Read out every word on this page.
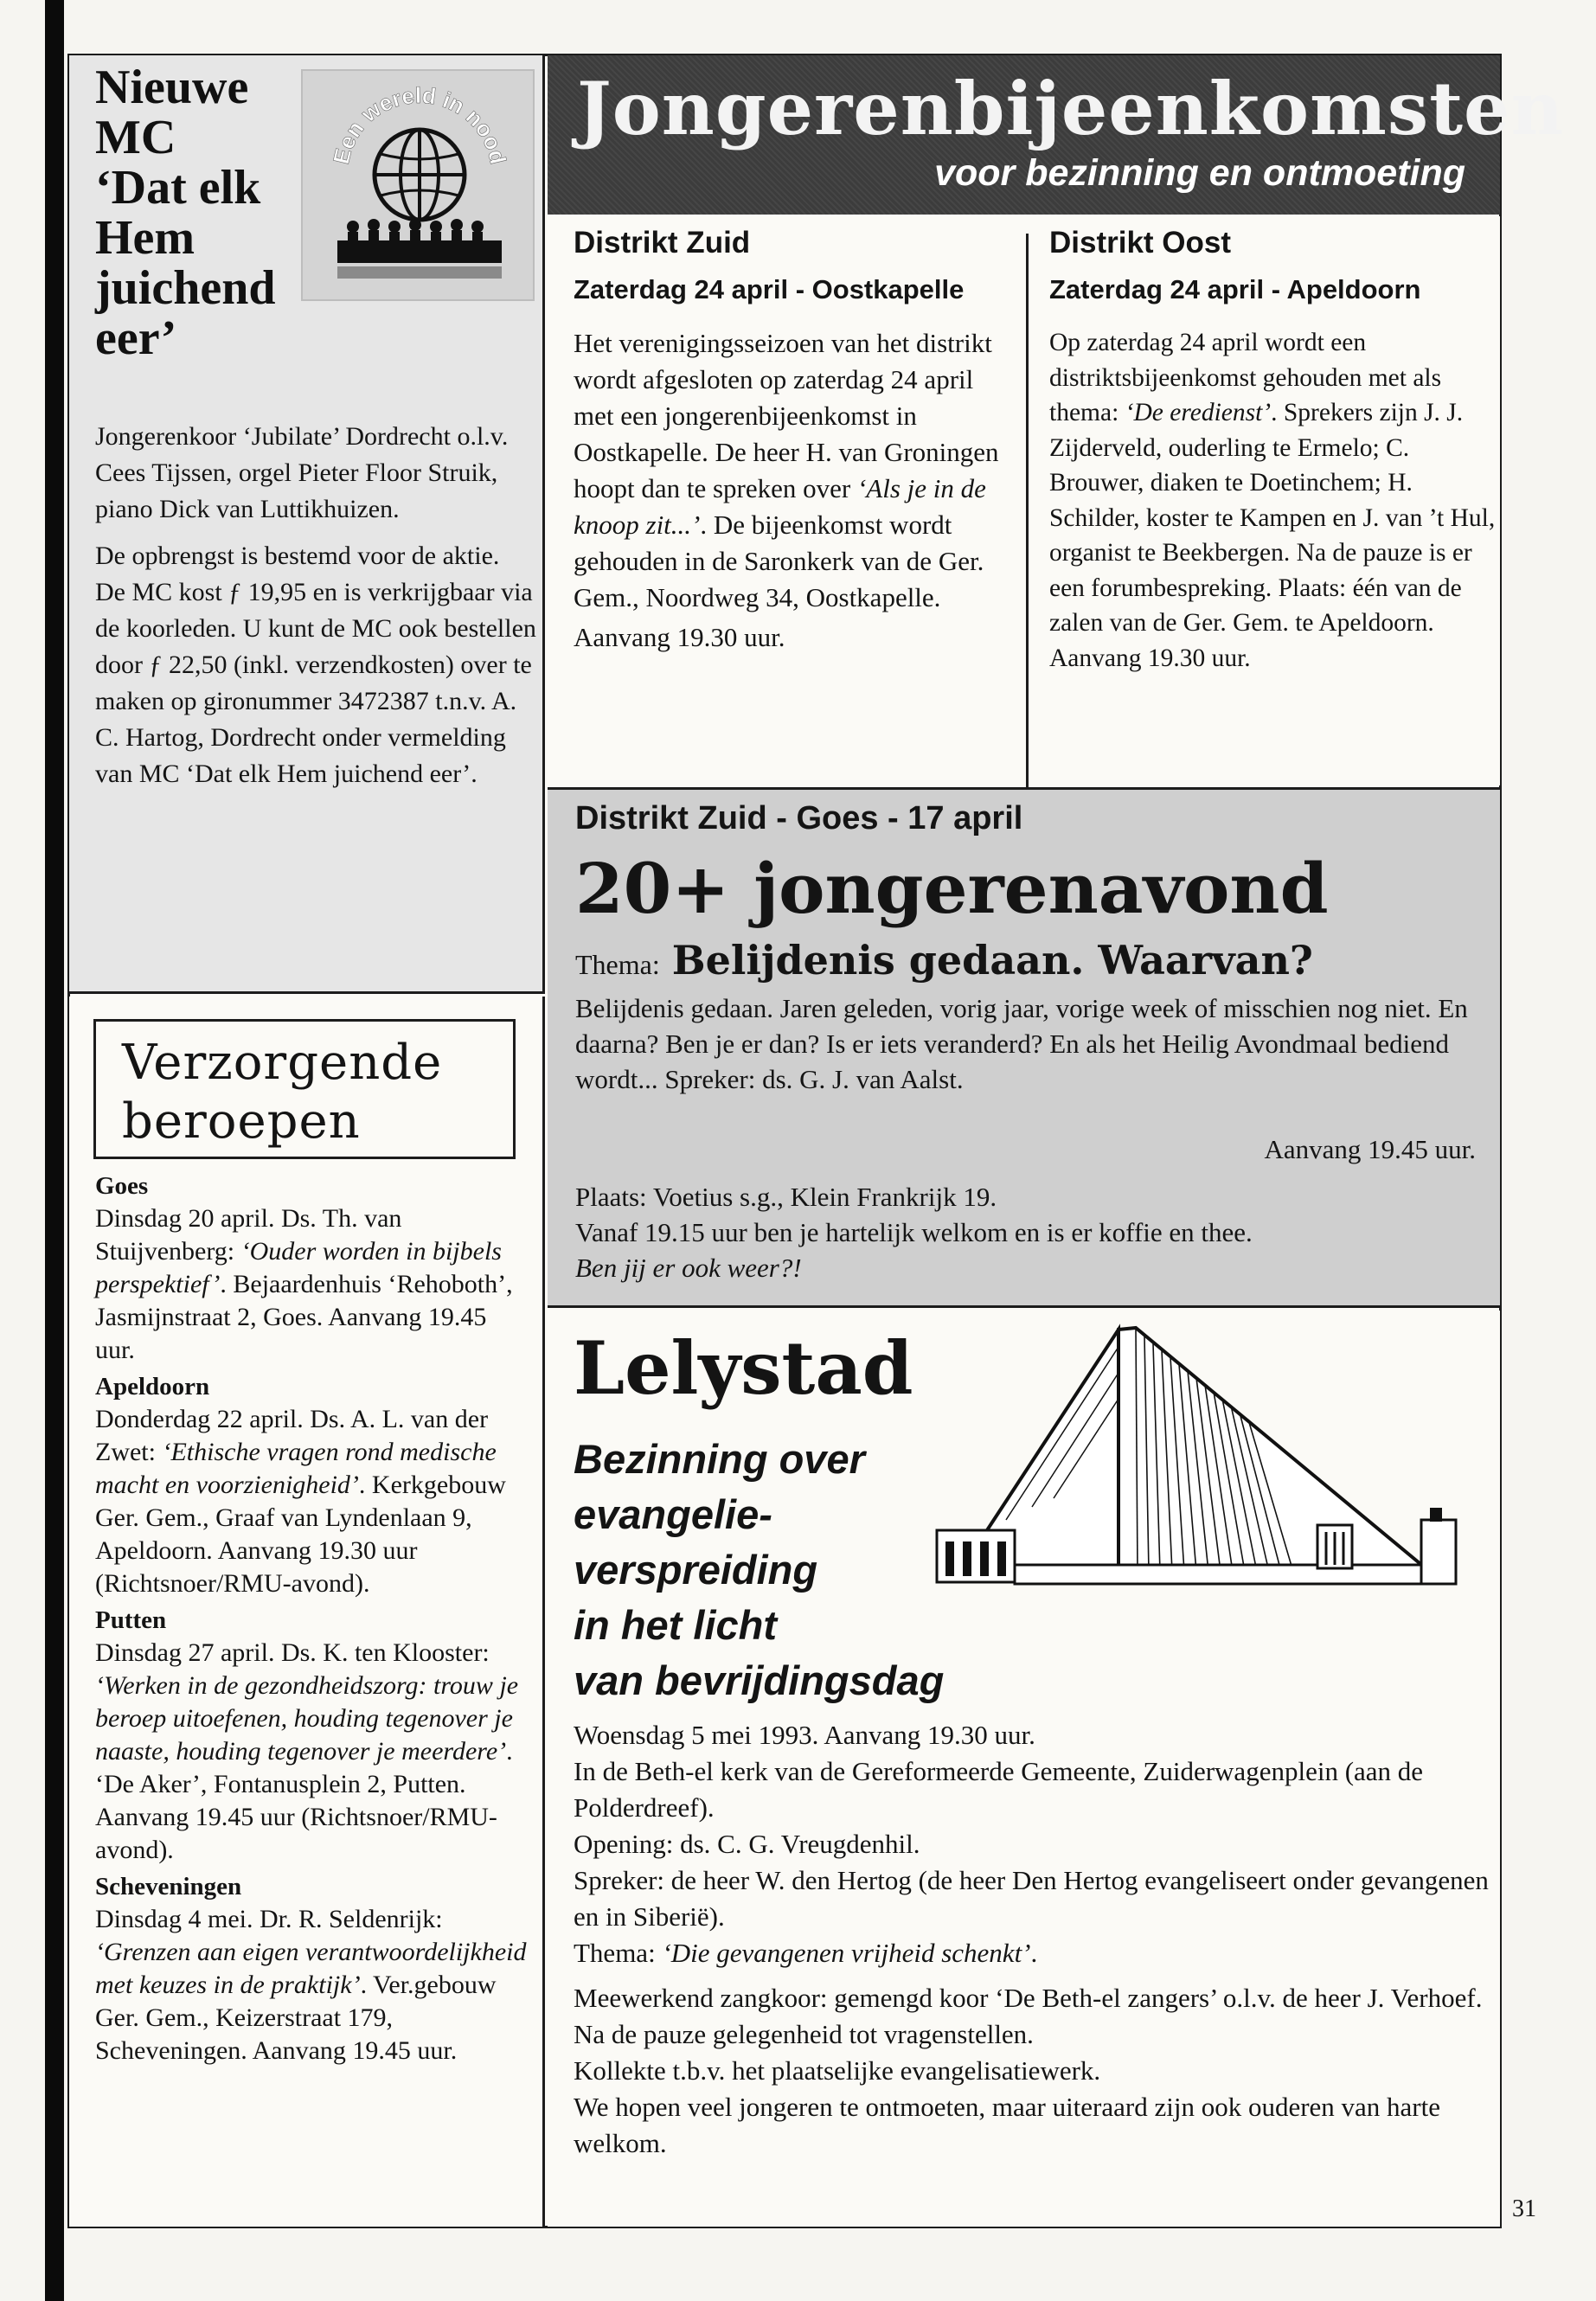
Nieuwe
MC
‘Dat elk
Hem
juichend
eer’
Een wereld in nood

Jongerenkoor ‘Jubilate’ Dordrecht o.l.v. Cees Tijssen, orgel Pieter Floor Struik, piano Dick van Luttikhuizen.

De opbrengst is bestemd voor de aktie.

De MC kost ƒ 19,95 en is verkrijgbaar via de koorleden. U kunt de MC ook bestellen door ƒ 22,50 (inkl. verzendkosten) over te maken op gironummer 3472387 t.n.v. A. C. Hartog, Dordrecht onder vermelding van MC ‘Dat elk Hem juichend eer’.

Verzorgende
beroepen
Goes
Dinsdag 20 april. Ds. Th. van Stuijvenberg: ‘Ouder worden in bijbels perspektief’. Bejaardenhuis ‘Rehoboth’, Jasmijnstraat 2, Goes. Aanvang 19.45 uur.
Apeldoorn
Donderdag 22 april. Ds. A. L. van der Zwet: ‘Ethische vragen rond medische macht en voorzienigheid’. Kerkgebouw Ger. Gem., Graaf van Lyndenlaan 9, Apeldoorn. Aanvang 19.30 uur (Richtsnoer/RMU-avond).
Putten
Dinsdag 27 april. Ds. K. ten Klooster: ‘Werken in de gezondheidszorg: trouw je beroep uitoefenen, houding tegenover je naaste, houding tegenover je meerdere’. ‘De Aker’, Fontanusplein 2, Putten. Aanvang 19.45 uur (Richtsnoer/RMU-avond).
Scheveningen
Dinsdag 4 mei. Dr. R. Seldenrijk: ‘Grenzen aan eigen verantwoordelijkheid met keuzes in de praktijk’. Ver.gebouw Ger. Gem., Keizerstraat 179, Scheveningen. Aanvang 19.45 uur.
Jongerenbijeenkomsten
voor bezinning en ontmoeting
Distrikt Zuid
Zaterdag 24 april - Oostkapelle

Het verenigingsseizoen van het distrikt wordt afgesloten op zaterdag 24 april met een jongerenbijeenkomst in Oostkapelle. De heer H. van Groningen hoopt dan te spreken over ‘Als je in de knoop zit...’. De bijeenkomst wordt gehouden in de Saronkerk van de Ger. Gem., Noordweg 34, Oostkapelle.

Aanvang 19.30 uur.

Distrikt Oost
Zaterdag 24 april - Apeldoorn

Op zaterdag 24 april wordt een distriktsbijeenkomst gehouden met als thema: ‘De eredienst’. Sprekers zijn J. J. Zijderveld, ouderling te Ermelo; C. Brouwer, diaken te Doetinchem; H. Schilder, koster te Kampen en J. van ’t Hul, organist te Beekbergen. Na de pauze is er een forumbespreking. Plaats: één van de zalen van de Ger. Gem. te Apeldoorn. Aanvang 19.30 uur.

Distrikt Zuid - Goes - 17 april
20+ jongerenavond
Thema: Belijdenis gedaan. Waarvan?

Belijdenis gedaan. Jaren geleden, vorig jaar, vorige week of misschien nog niet. En daarna? Ben je er dan? Is er iets veranderd? En als het Heilig Avondmaal bediend wordt... Spreker: ds. G. J. van Aalst.

Aanvang 19.45 uur.
Plaats: Voetius s.g., Klein Frankrijk 19.
Vanaf 19.15 uur ben je hartelijk welkom en is er koffie en thee.
Ben jij er ook weer?!
Lelystad
Bezinning over
evangelie-
verspreiding
in het licht
van bevrijdingsdag

Woensdag 5 mei 1993. Aanvang 19.30 uur.

In de Beth-el kerk van de Gereformeerde Gemeente, Zuiderwagenplein (aan de Polderdreef).

Opening: ds. C. G. Vreugdenhil.

Spreker: de heer W. den Hertog (de heer Den Hertog evangeliseert onder gevangenen en in Siberië).

Thema: ‘Die gevangenen vrijheid schenkt’.

Meewerkend zangkoor: gemengd koor ‘De Beth-el zangers’ o.l.v. de heer J. Verhoef.

Na de pauze gelegenheid tot vragenstellen.

Kollekte t.b.v. het plaatselijke evangelisatiewerk.

We hopen veel jongeren te ontmoeten, maar uiteraard zijn ook ouderen van harte welkom.

31
